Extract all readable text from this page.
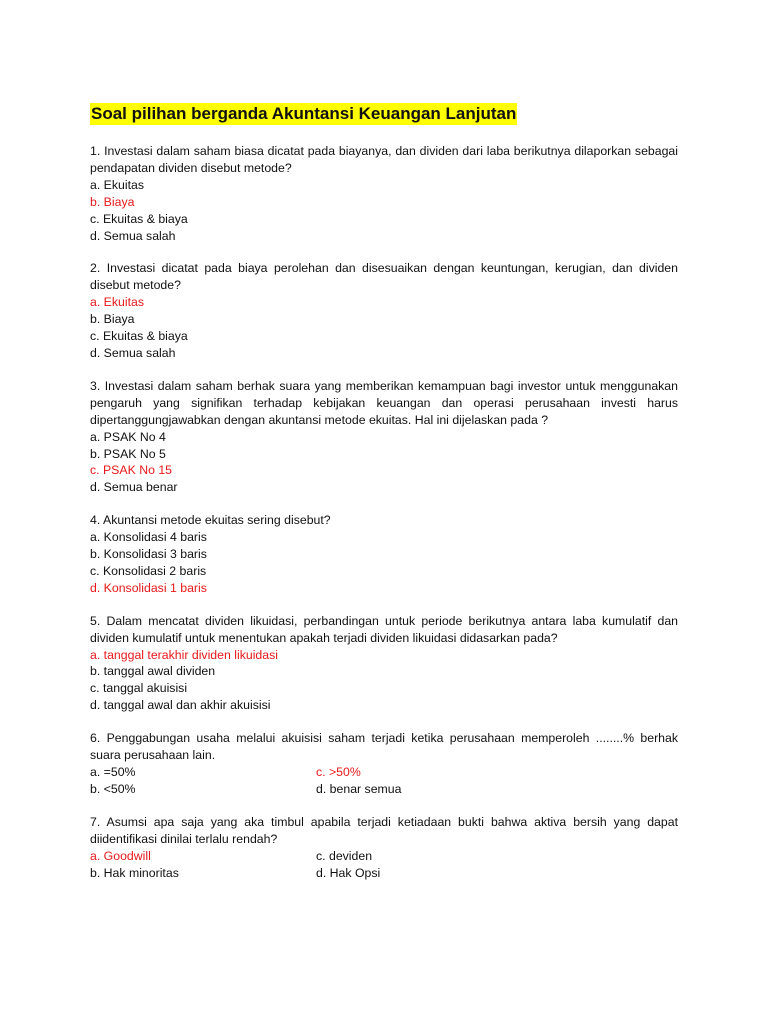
Soal pilihan berganda Akuntansi Keuangan Lanjutan

1. Investasi dalam saham biasa dicatat pada biayanya, dan dividen dari laba berikutnya dilaporkan sebagai pendapatan dividen disebut metode?

a. Ekuitas

b. Biaya

c. Ekuitas & biaya

d. Semua salah

2. Investasi dicatat pada biaya perolehan dan disesuaikan dengan keuntungan, kerugian, dan dividen disebut metode?

a. Ekuitas

b. Biaya

c. Ekuitas & biaya

d. Semua salah

3. Investasi dalam saham berhak suara yang memberikan kemampuan bagi investor untuk menggunakan pengaruh yang signifikan terhadap kebijakan keuangan dan operasi perusahaan investi harus dipertanggungjawabkan dengan akuntansi metode ekuitas. Hal ini dijelaskan pada ?

a. PSAK No 4

b. PSAK No 5

c. PSAK No 15

d. Semua benar

4. Akuntansi metode ekuitas sering disebut?

a. Konsolidasi 4 baris

b. Konsolidasi 3 baris

c. Konsolidasi 2 baris

d. Konsolidasi 1 baris

5. Dalam mencatat dividen likuidasi, perbandingan untuk periode berikutnya antara laba kumulatif dan dividen kumulatif untuk menentukan apakah terjadi dividen likuidasi didasarkan pada?

a. tanggal terakhir dividen likuidasi

b. tanggal awal dividen

c. tanggal akuisisi

d. tanggal awal dan akhir akuisisi

6. Penggabungan usaha melalui akuisisi saham terjadi ketika perusahaan memperoleh ........% berhak suara perusahaan lain.

a. =50%	c. >50%

b. <50%	d. benar semua

7. Asumsi apa saja yang aka timbul apabila terjadi ketiadaan bukti bahwa aktiva bersih yang dapat diidentifikasi dinilai terlalu rendah?

a. Goodwill	c. deviden

b. Hak minoritas	d. Hak Opsi
